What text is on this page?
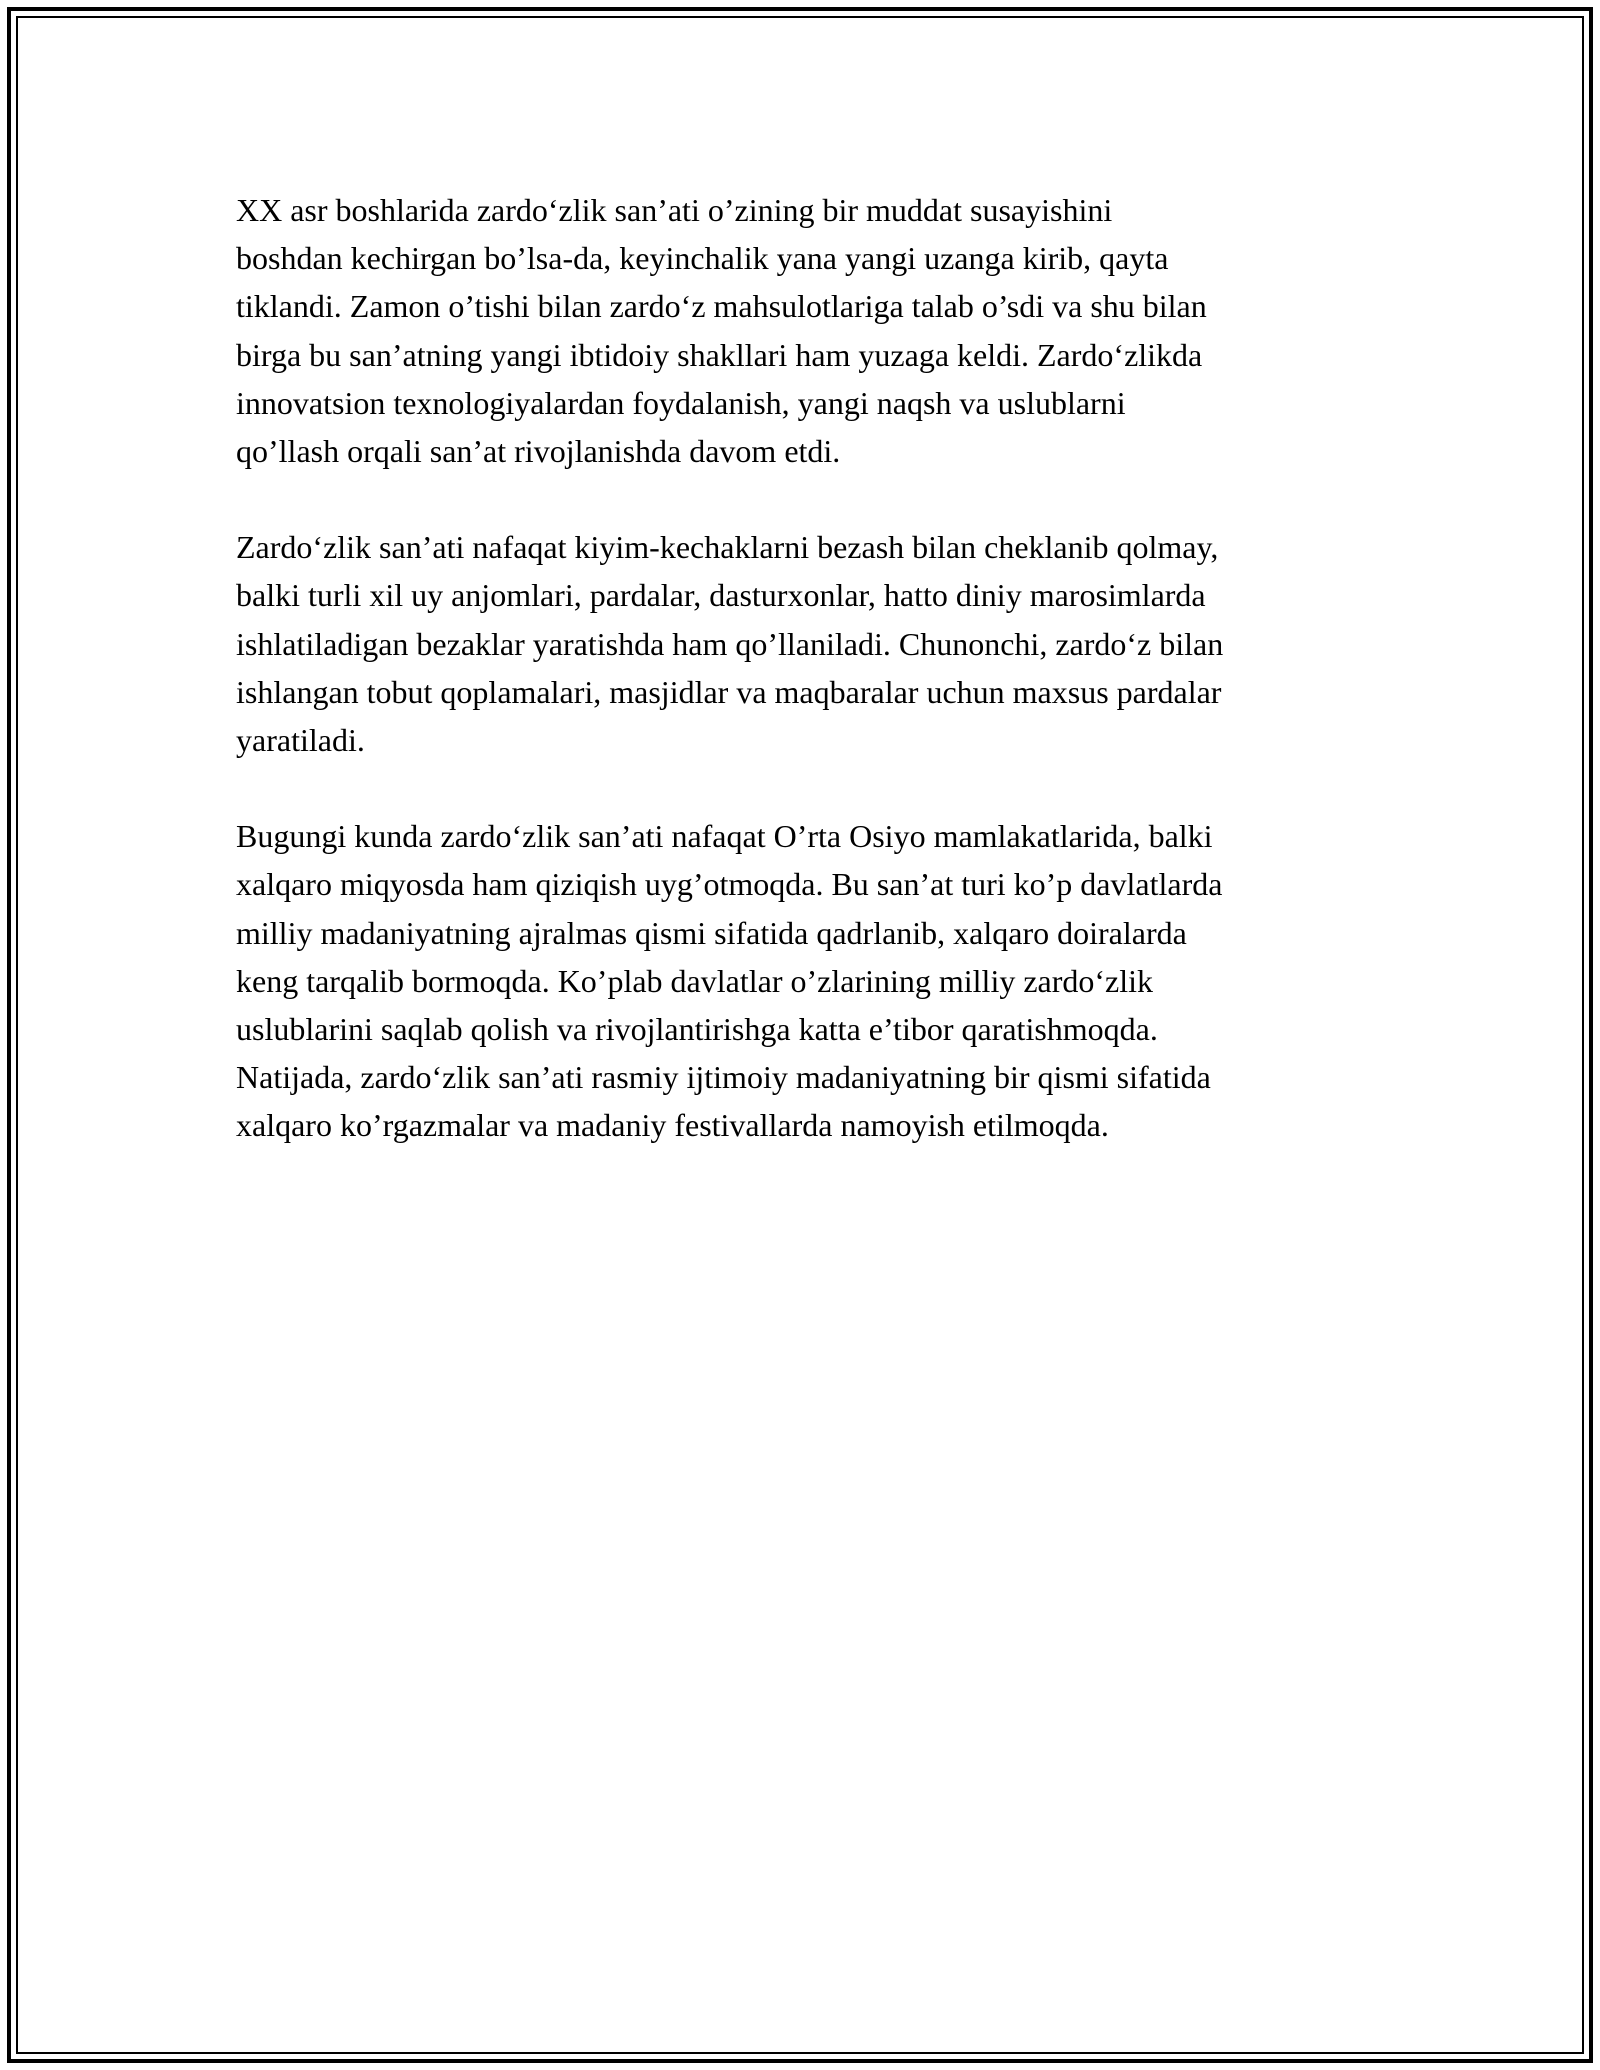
XX asr boshlarida zardo‘zlik san’ati o’zining bir muddat susayishini
boshdan kechirgan bo’lsa-da, keyinchalik yana yangi uzanga kirib, qayta
tiklandi. Zamon o’tishi bilan zardo‘z mahsulotlariga talab o’sdi va shu bilan
birga bu san’atning yangi ibtidoiy shakllari ham yuzaga keldi. Zardo‘zlikda
innovatsion texnologiyalardan foydalanish, yangi naqsh va uslublarni
qo’llash orqali san’at rivojlanishda davom etdi.

Zardo‘zlik san’ati nafaqat kiyim-kechaklarni bezash bilan cheklanib qolmay,
balki turli xil uy anjomlari, pardalar, dasturxonlar, hatto diniy marosimlarda
ishlatiladigan bezaklar yaratishda ham qo’llaniladi. Chunonchi, zardo‘z bilan
ishlangan tobut qoplamalari, masjidlar va maqbaralar uchun maxsus pardalar
yaratiladi.

Bugungi kunda zardo‘zlik san’ati nafaqat O’rta Osiyo mamlakatlarida, balki
xalqaro miqyosda ham qiziqish uyg’otmoqda. Bu san’at turi ko’p davlatlarda
milliy madaniyatning ajralmas qismi sifatida qadrlanib, xalqaro doiralarda
keng tarqalib bormoqda. Ko’plab davlatlar o’zlarining milliy zardo‘zlik
uslublarini saqlab qolish va rivojlantirishga katta e’tibor qaratishmoqda.
Natijada, zardo‘zlik san’ati rasmiy ijtimoiy madaniyatning bir qismi sifatida
xalqaro ko’rgazmalar va madaniy festivallarda namoyish etilmoqda.
